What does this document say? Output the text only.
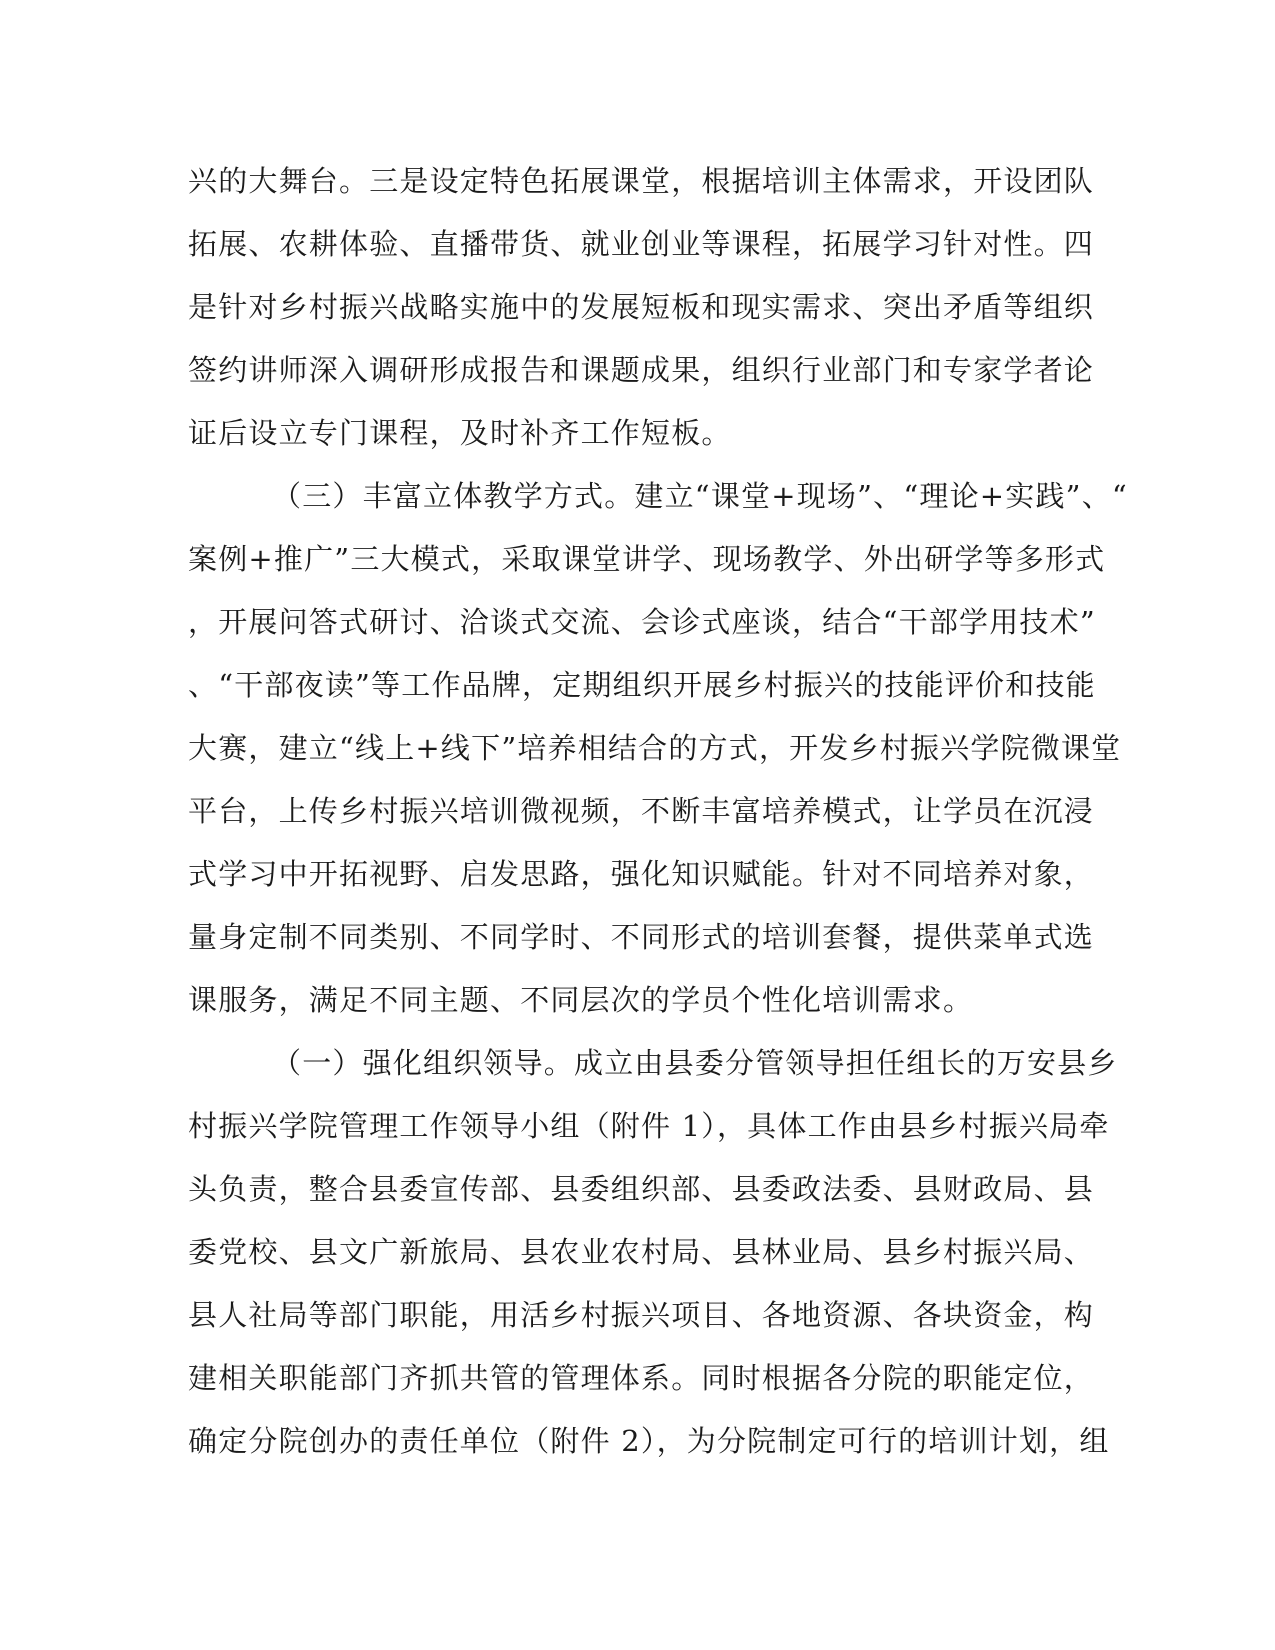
兴的大舞台。三是设定特色拓展课堂，根据培训主体需求，开设团队
拓展、农耕体验、直播带货、就业创业等课程，拓展学习针对性。四
是针对乡村振兴战略实施中的发展短板和现实需求、突出矛盾等组织
签约讲师深入调研形成报告和课题成果，组织行业部门和专家学者论
证后设立专门课程，及时补齐工作短板。
（三）丰富立体教学方式。建立“课堂+现场”、“理论+实践”、“
案例+推广”三大模式，采取课堂讲学、现场教学、外出研学等多形式
，开展问答式研讨、洽谈式交流、会诊式座谈，结合“干部学用技术”
、“干部夜读”等工作品牌，定期组织开展乡村振兴的技能评价和技能
大赛，建立“线上+线下”培养相结合的方式，开发乡村振兴学院微课堂
平台，上传乡村振兴培训微视频，不断丰富培养模式，让学员在沉浸
式学习中开拓视野、启发思路，强化知识赋能。针对不同培养对象，
量身定制不同类别、不同学时、不同形式的培训套餐，提供菜单式选
课服务，满足不同主题、不同层次的学员个性化培训需求。
（一）强化组织领导。成立由县委分管领导担任组长的万安县乡
村振兴学院管理工作领导小组（附件 1），具体工作由县乡村振兴局牵
头负责，整合县委宣传部、县委组织部、县委政法委、县财政局、县
委党校、县文广新旅局、县农业农村局、县林业局、县乡村振兴局、
县人社局等部门职能，用活乡村振兴项目、各地资源、各块资金，构
建相关职能部门齐抓共管的管理体系。同时根据各分院的职能定位，
确定分院创办的责任单位（附件 2），为分院制定可行的培训计划，组
